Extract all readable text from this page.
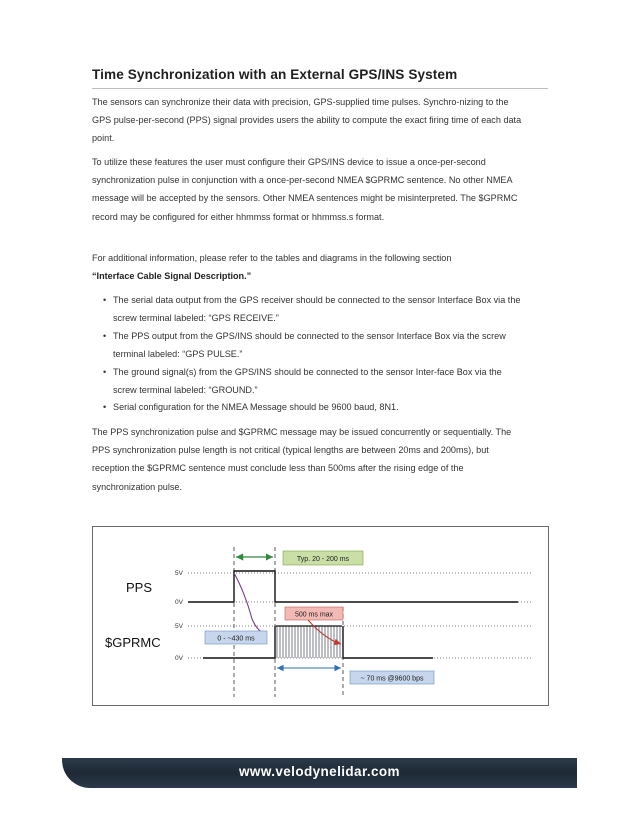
Time Synchronization with an External GPS/INS System

The sensors can synchronize their data with precision, GPS-supplied time pulses. Synchro-nizing to the GPS pulse-per-second (PPS) signal provides users the ability to compute the exact firing time of each data point.

To utilize these features the user must configure their GPS/INS device to issue a once-per-second synchronization pulse in conjunction with a once-per-second NMEA $GPRMC sentence. No other NMEA message will be accepted by the sensors. Other NMEA sentences might be misinterpreted. The $GPRMC record may be configured for either hhmmss format or hhmmss.s format.

For additional information, please refer to the tables and diagrams in the following section
“Interface Cable Signal Description.”

• The serial data output from the GPS receiver should be connected to the sensor Interface Box via the screw terminal labeled: “GPS RECEIVE.”
• The PPS output from the GPS/INS should be connected to the sensor Interface Box via the screw terminal labeled: “GPS PULSE.”
• The ground signal(s) from the GPS/INS should be connected to the sensor Inter-face Box via the screw terminal labeled: “GROUND.”
• Serial configuration for the NMEA Message should be 9600 baud, 8N1.

The PPS synchronization pulse and $GPRMC message may be issued concurrently or sequentially. The PPS synchronization pulse length is not critical (typical lengths are between 20ms and 200ms), but reception the $GPRMC sentence must conclude less than 500ms after the rising edge of the synchronization pulse.

PPS
$GPRMC
5V
0V
5V
0V
Typ. 20 - 200 ms
500 ms max
0 - ~430 ms
~ 70 ms @9600 bps
www.velodynelidar.com
